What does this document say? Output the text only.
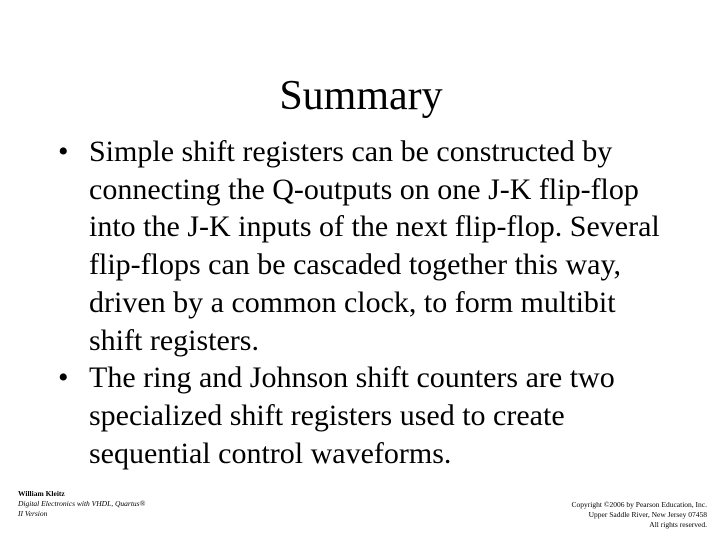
Summary
• Simple shift registers can be constructed by connecting the Q-outputs on one J-K flip-flop into the J-K inputs of the next flip-flop. Several flip-flops can be cascaded together this way, driven by a common clock, to form multibit shift registers.
• The ring and Johnson shift counters are two specialized shift registers used to create sequential control waveforms.
William Kleitz
Digital Electronics with VHDL, Quartus®
II Version
Copyright ©2006 by Pearson Education, Inc.
Upper Saddle River, New Jersey 07458
All rights reserved.
